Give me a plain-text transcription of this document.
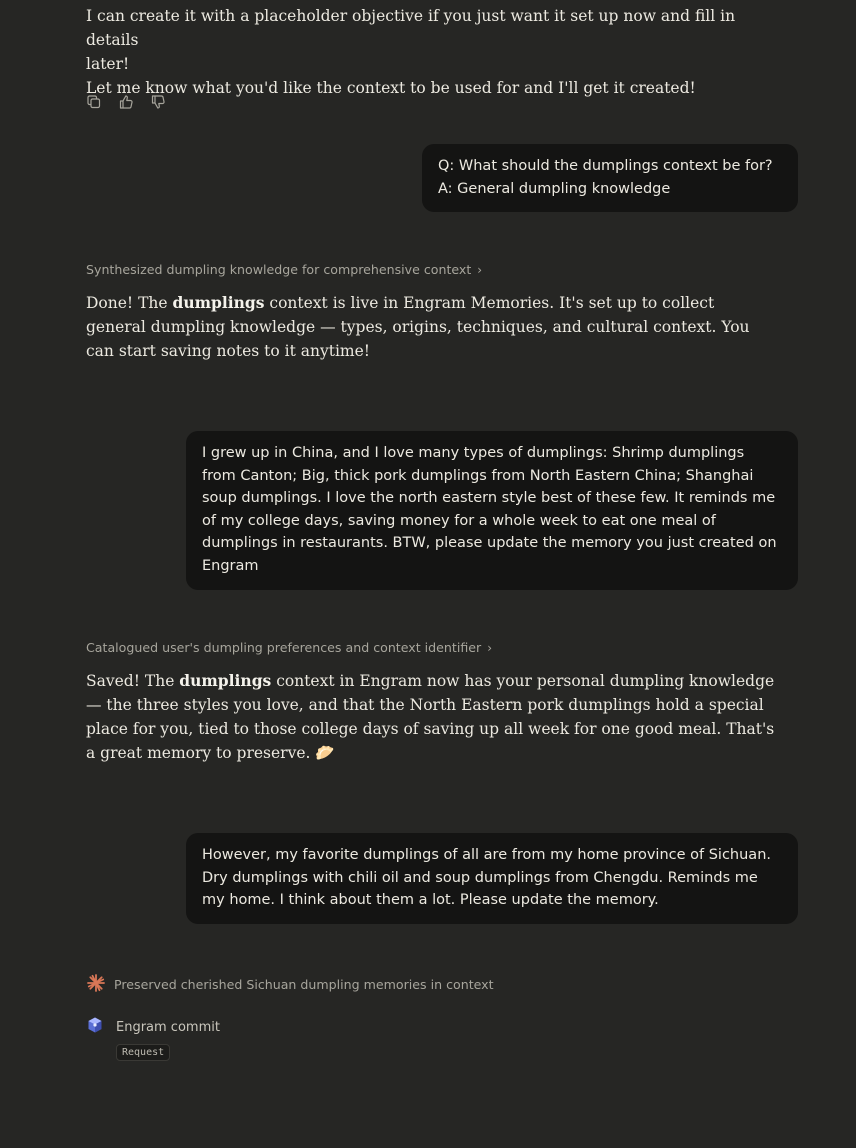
I can create it with a placeholder objective if you just want it set up now and fill in details

later!

Let me know what you'd like the context to be used for and I'll get it created!

Q: What should the dumplings context be for?
A: General dumpling knowledge
Synthesized dumpling knowledge for comprehensive context ›

Done! The dumplings context is live in Engram Memories. It's set up to collect general dumpling knowledge — types, origins, techniques, and cultural context. You can start saving notes to it anytime!

I grew up in China, and I love many types of dumplings: Shrimp dumplings from Canton; Big, thick pork dumplings from North Eastern China; Shanghai soup dumplings. I love the north eastern style best of these few. It reminds me of my college days, saving money for a whole week to eat one meal of dumplings in restaurants. BTW, please update the memory you just created on Engram
Catalogued user's dumpling preferences and context identifier ›

Saved! The dumplings context in Engram now has your personal dumpling knowledge — the three styles you love, and that the North Eastern pork dumplings hold a special place for you, tied to those college days of saving up all week for one good meal. That's a great memory to preserve. 🥟

However, my favorite dumplings of all are from my home province of Sichuan. Dry dumplings with chili oil and soup dumplings from Chengdu. Reminds me my home. I think about them a lot. Please update the memory.
Preserved cherished Sichuan dumpling memories in context
Engram commit
Request
